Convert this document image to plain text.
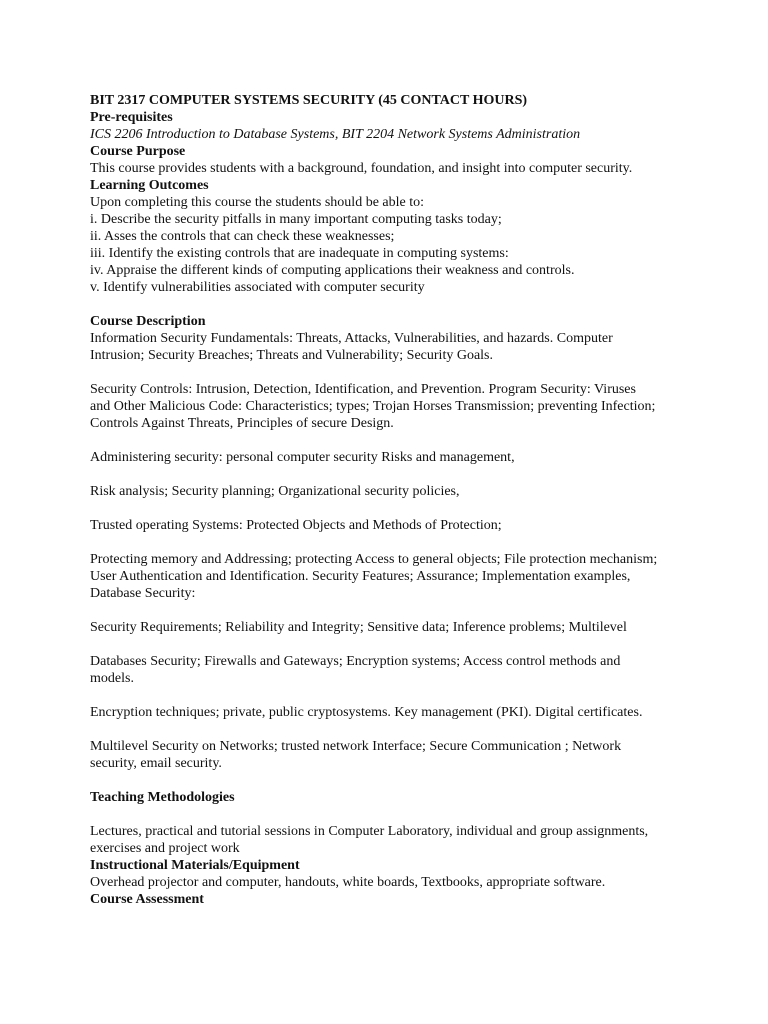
BIT 2317 COMPUTER SYSTEMS SECURITY (45 CONTACT HOURS)
Pre-requisites
ICS 2206 Introduction to Database Systems, BIT 2204 Network Systems Administration
Course Purpose
This course provides students with a background, foundation, and insight into computer security.
Learning Outcomes
Upon completing this course the students should be able to:
i. Describe the security pitfalls in many important computing tasks today;
ii. Asses the controls that can check these weaknesses;
iii. Identify the existing controls that are inadequate in computing systems:
iv. Appraise the different kinds of computing applications their weakness and controls.
v. Identify vulnerabilities associated with computer security
Course Description
Information Security Fundamentals: Threats, Attacks, Vulnerabilities, and hazards. Computer
Intrusion; Security Breaches; Threats and Vulnerability; Security Goals.
Security Controls: Intrusion, Detection, Identification, and Prevention. Program Security: Viruses
and Other Malicious Code: Characteristics; types; Trojan Horses Transmission; preventing Infection;
Controls Against Threats, Principles of secure Design.
Administering security: personal computer security Risks and management,
Risk analysis; Security planning; Organizational security policies,
Trusted operating Systems: Protected Objects and Methods of Protection;
Protecting memory and Addressing; protecting Access to general objects; File protection mechanism;
User Authentication and Identification. Security Features; Assurance; Implementation examples,
Database Security:
Security Requirements; Reliability and Integrity; Sensitive data; Inference problems; Multilevel
Databases Security; Firewalls and Gateways; Encryption systems; Access control methods and
models.
Encryption techniques; private, public cryptosystems. Key management (PKI). Digital certificates.
Multilevel Security on Networks; trusted network Interface; Secure Communication ; Network
security, email security.
Teaching Methodologies
Lectures, practical and tutorial sessions in Computer Laboratory, individual and group assignments,
exercises and project work
Instructional Materials/Equipment
Overhead projector and computer, handouts, white boards, Textbooks, appropriate software.
Course Assessment
